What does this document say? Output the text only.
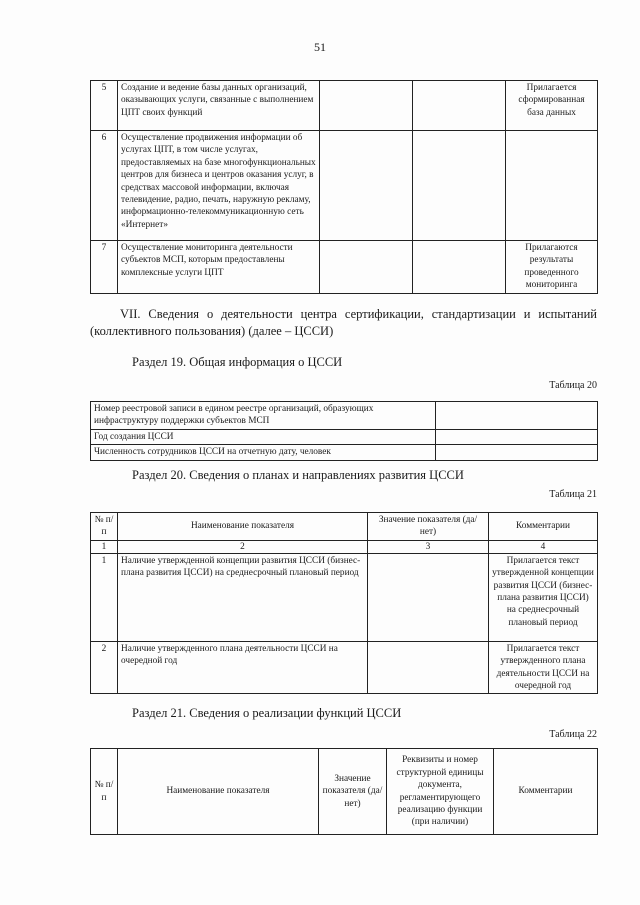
51
5	Создание и ведение базы данных организаций, оказывающих услуги, связанные с выполнением ЦПТ своих функций			Прилагается сформированная база данных
6	Осуществление продвижения информации об услугах ЦПТ, в том числе услугах, предоставляемых на базе многофункциональных центров для бизнеса и центров оказания услуг, в средствах массовой информации, включая телевидение, радио, печать, наружную рекламу, информационно-телекоммуникационную сеть «Интернет»			
7	Осуществление мониторинга деятельности субъектов МСП, которым предоставлены комплексные услуги ЦПТ			Прилагаются результаты проведенного мониторинга
VII. Сведения о деятельности центра сертификации, стандартизации и испытаний (коллективного пользования) (далее – ЦССИ)
Раздел 19. Общая информация о ЦССИ
Таблица 20
Номер реестровой записи в едином реестре организаций, образующих инфраструктуру поддержки субъектов МСП	
Год создания ЦССИ	
Численность сотрудников ЦССИ на отчетную дату, человек	
Раздел 20. Сведения о планах и направлениях развития ЦССИ
Таблица 21
№ п/п	Наименование показателя	Значение показателя (да/нет)	Комментарии
1	2	3	4
1	Наличие утвержденной концепции развития ЦССИ (бизнес-плана развития ЦССИ) на среднесрочный плановый период		Прилагается текст утвержденной концепции развития ЦССИ (бизнес-плана развития ЦССИ) на среднесрочный плановый период
2	Наличие утвержденного плана деятельности ЦССИ на очередной год		Прилагается текст утвержденного плана деятельности ЦССИ на очередной год
Раздел 21. Сведения о реализации функций ЦССИ
Таблица 22
№ п/п	Наименование показателя	Значение показателя (да/нет)	Реквизиты и номер структурной единицы документа, регламентирующего реализацию функции (при наличии)	Комментарии
